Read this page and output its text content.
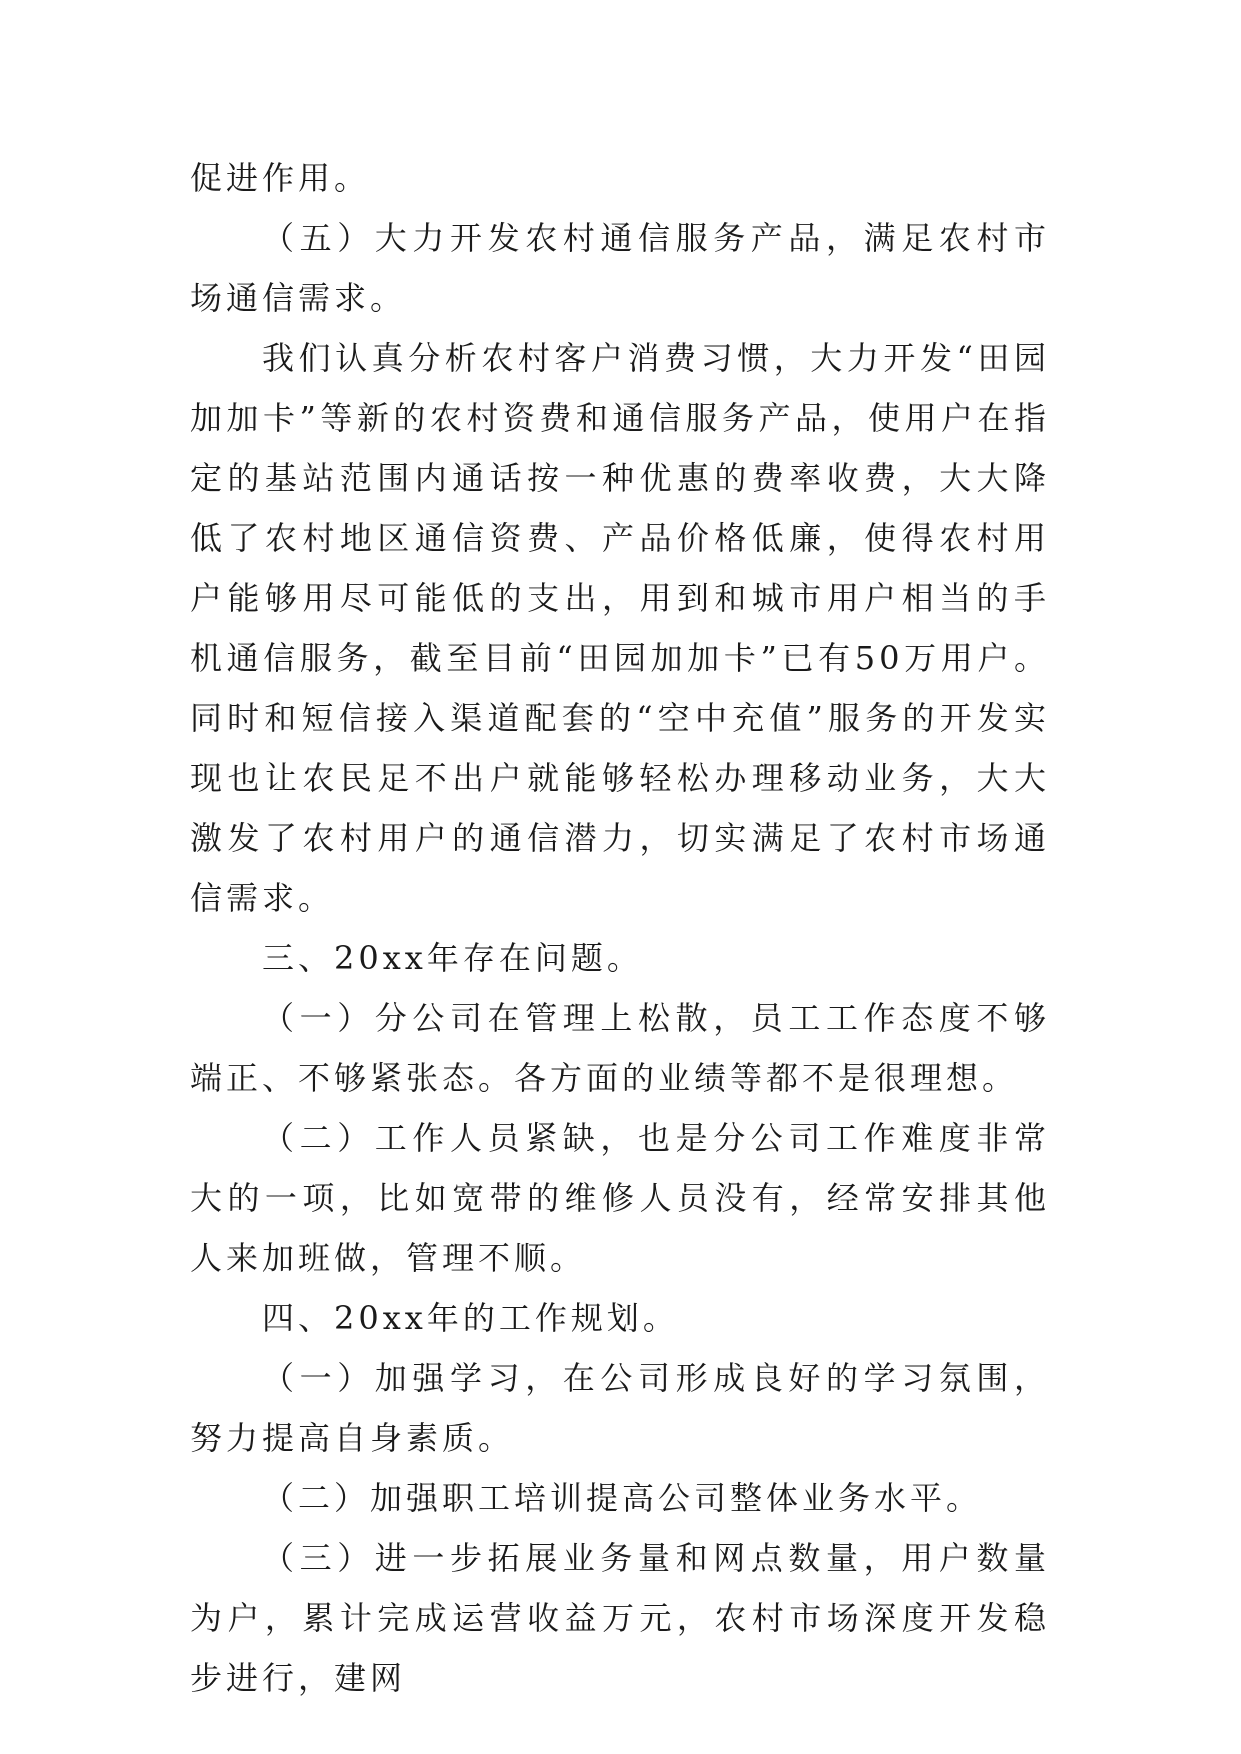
促进作用。

（五）大力开发农村通信服务产品，满足农村市场通信需求。

我们认真分析农村客户消费习惯，大力开发“田园加加卡”等新的农村资费和通信服务产品，使用户在指定的基站范围内通话按一种优惠的费率收费，大大降低了农村地区通信资费、产品价格低廉，使得农村用户能够用尽可能低的支出，用到和城市用户相当的手机通信服务，截至目前“田园加加卡”已有50万用户。同时和短信接入渠道配套的“空中充值”服务的开发实现也让农民足不出户就能够轻松办理移动业务，大大激发了农村用户的通信潜力，切实满足了农村市场通信需求。

三、20xx年存在问题。

（一）分公司在管理上松散，员工工作态度不够端正、不够紧张态。各方面的业绩等都不是很理想。

（二）工作人员紧缺，也是分公司工作难度非常大的一项，比如宽带的维修人员没有，经常安排其他人来加班做，管理不顺。

四、20xx年的工作规划。

（一）加强学习，在公司形成良好的学习氛围，努力提高自身素质。

（二）加强职工培训提高公司整体业务水平。

（三）进一步拓展业务量和网点数量，用户数量为户，累计完成运营收益万元，农村市场深度开发稳步进行，建网
